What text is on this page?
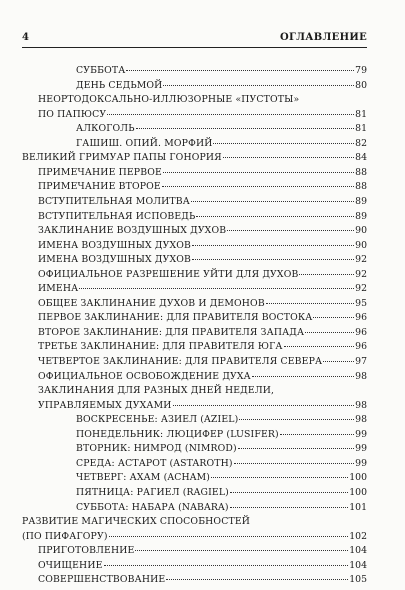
4	ОГЛАВЛЕНИЕ
СУББОТА	79
ДЕНЬ СЕДЬМОЙ	80
НЕОРТОДОКСАЛЬНО-ИЛЛЮЗОРНЫЕ «ПУСТОТЫ»
ПО ПАПЮСУ	81
АЛКОГОЛЬ	81
ГАШИШ. ОПИЙ. МОРФИЙ	82
ВЕЛИКИЙ ГРИМУАР ПАПЫ ГОНОРИЯ	84
ПРИМЕЧАНИЕ ПЕРВОЕ	88
ПРИМЕЧАНИЕ ВТОРОЕ	88
ВСТУПИТЕЛЬНАЯ МОЛИТВА	89
ВСТУПИТЕЛЬНАЯ ИСПОВЕДЬ	89
ЗАКЛИНАНИЕ ВОЗДУШНЫХ ДУХОВ	90
ИМЕНА ВОЗДУШНЫХ ДУХОВ	90
ИМЕНА ВОЗДУШНЫХ ДУХОВ	92
ОФИЦИАЛЬНОЕ РАЗРЕШЕНИЕ УЙТИ ДЛЯ ДУХОВ	92
ИМЕНА	92
ОБЩЕЕ ЗАКЛИНАНИЕ ДУХОВ И ДЕМОНОВ	95
ПЕРВОЕ ЗАКЛИНАНИЕ: ДЛЯ ПРАВИТЕЛЯ ВОСТОКА	96
ВТОРОЕ ЗАКЛИНАНИЕ: ДЛЯ ПРАВИТЕЛЯ ЗАПАДА	96
ТРЕТЬЕ ЗАКЛИНАНИЕ: ДЛЯ ПРАВИТЕЛЯ ЮГА	96
ЧЕТВЕРТОЕ ЗАКЛИНАНИЕ: ДЛЯ ПРАВИТЕЛЯ СЕВЕРА	97
ОФИЦИАЛЬНОЕ ОСВОБОЖДЕНИЕ ДУХА	98
ЗАКЛИНАНИЯ ДЛЯ РАЗНЫХ ДНЕЙ НЕДЕЛИ,
УПРАВЛЯЕМЫХ ДУХАМИ	98
ВОСКРЕСЕНЬЕ: АЗИЕЛ (AZIEL)	98
ПОНЕДЕЛЬНИК: ЛЮЦИФЕР (LUSIFER)	99
ВТОРНИК: НИМРОД (NIMROD)	99
СРЕДА: АСТАРОТ (ASTAROTH)	99
ЧЕТВЕРГ: АХАМ (ACHAM)	100
ПЯТНИЦА: РАГИЕЛ (RAGIEL)	100
СУББОТА: НАБАРА (NABARA)	101
РАЗВИТИЕ МАГИЧЕСКИХ СПОСОБНОСТЕЙ
(ПО ПИФАГОРУ)	102
ПРИГОТОВЛЕНИЕ	104
ОЧИЩЕНИЕ	104
СОВЕРШЕНСТВОВАНИЕ	105
